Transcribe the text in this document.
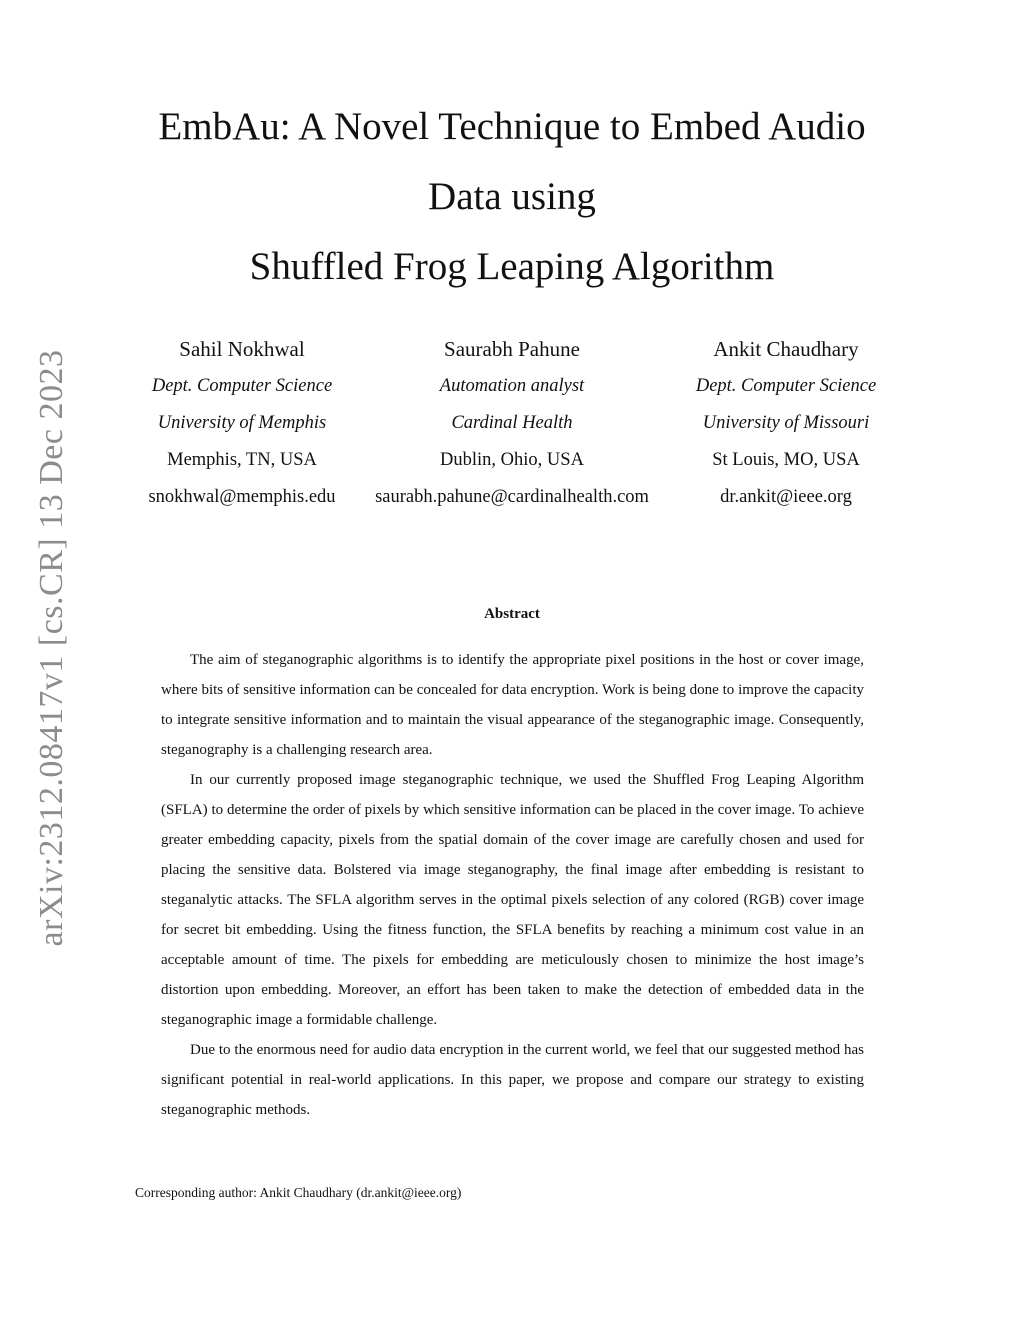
arXiv:2312.08417v1 [cs.CR] 13 Dec 2023
EmbAu: A Novel Technique to Embed Audio
Data using
Shuffled Frog Leaping Algorithm
Sahil Nokhwal
Dept. Computer Science
University of Memphis
Memphis, TN, USA
snokhwal@memphis.edu
Saurabh Pahune
Automation analyst
Cardinal Health
Dublin, Ohio, USA
saurabh.pahune@cardinalhealth.com
Ankit Chaudhary
Dept. Computer Science
University of Missouri
St Louis, MO, USA
dr.ankit@ieee.org
Abstract

The aim of steganographic algorithms is to identify the appropriate pixel positions in the host or cover image, where bits of sensitive information can be concealed for data encryption. Work is being done to improve the capacity to integrate sensitive information and to maintain the visual appearance of the steganographic image. Consequently, steganography is a challenging research area.

In our currently proposed image steganographic technique, we used the Shuffled Frog Leaping Algorithm (SFLA) to determine the order of pixels by which sensitive information can be placed in the cover image. To achieve greater embedding capacity, pixels from the spatial domain of the cover image are carefully chosen and used for placing the sensitive data. Bolstered via image steganography, the final image after embedding is resistant to steganalytic attacks. The SFLA algorithm serves in the optimal pixels selection of any colored (RGB) cover image for secret bit embedding. Using the fitness function, the SFLA benefits by reaching a minimum cost value in an acceptable amount of time. The pixels for embedding are meticulously chosen to minimize the host image’s distortion upon embedding. Moreover, an effort has been taken to make the detection of embedded data in the steganographic image a formidable challenge.

Due to the enormous need for audio data encryption in the current world, we feel that our suggested method has significant potential in real-world applications. In this paper, we propose and compare our strategy to existing steganographic methods.

Corresponding author: Ankit Chaudhary (dr.ankit@ieee.org)
